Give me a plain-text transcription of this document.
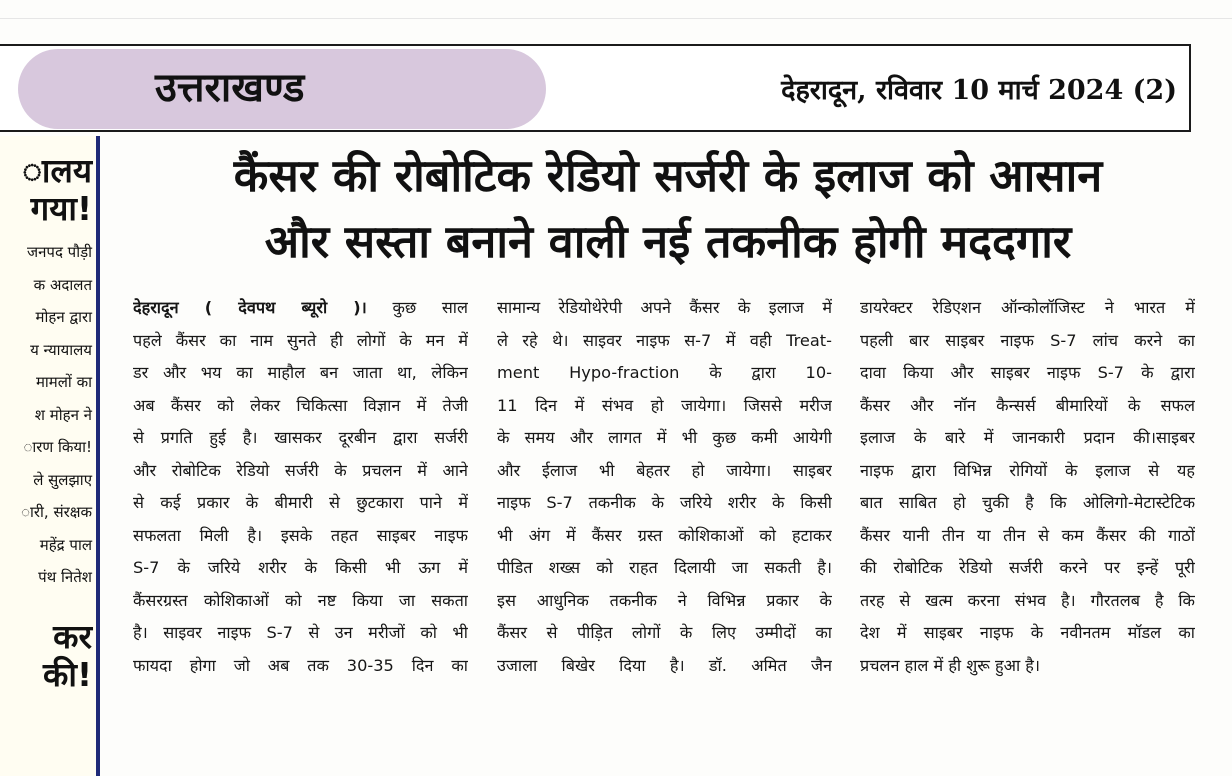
उत्तराखण्ड	देहरादून, रविवार 10 मार्च 2024 (2)
ालय
गया!
जनपद पौड़ी
क अदालत
मोहन द्वारा
य न्यायालय
मामलों का
श मोहन ने
ारण किया!
ले सुलझाए
ारी, संरक्षक
महेंद्र पाल
पंथ नितेश
कर
की!
कैंसर की रोबोटिक रेडियो सर्जरी के इलाज को आसान
और सस्ता बनाने वाली नई तकनीक होगी मददगार
देहरादून ( देवपथ ब्यूरो )। कुछ साल
पहले कैंसर का नाम सुनते ही लोगों के मन में
डर और भय का माहौल बन जाता था, लेकिन
अब कैंसर को लेकर चिकित्सा विज्ञान में तेजी
से प्रगति हुई है। खासकर दूरबीन द्वारा सर्जरी
और रोबोटिक रेडियो सर्जरी के प्रचलन में आने
से कई प्रकार के बीमारी से छुटकारा पाने में
सफलता मिली है। इसके तहत साइबर नाइफ
S-7 के जरिये शरीर के किसी भी ऊग में
कैंसरग्रस्त कोशिकाओं को नष्ट किया जा सकता
है। साइवर नाइफ S-7 से उन मरीजों को भी
फायदा होगा जो अब तक 30-35 दिन का
सामान्य रेडियोथेरेपी अपने कैंसर के इलाज में
ले रहे थे। साइवर नाइफ स-7 में वही Treat-
ment Hypo-fraction के द्वारा 10-
11 दिन में संभव हो जायेगा। जिससे मरीज
के समय और लागत में भी कुछ कमी आयेगी
और ईलाज भी बेहतर हो जायेगा। साइबर
नाइफ S-7 तकनीक के जरिये शरीर के किसी
भी अंग में कैंसर ग्रस्त कोशिकाओं को हटाकर
पीडित शख्स को राहत दिलायी जा सकती है।
इस आधुनिक तकनीक ने विभिन्न प्रकार के
कैंसर से पीड़ित लोगों के लिए उम्मीदों का
उजाला बिखेर दिया है। डॉ. अमित जैन
डायरेक्टर रेडिएशन ऑन्कोलॉजिस्ट ने भारत में
पहली बार साइबर नाइफ S-7 लांच करने का
दावा किया और साइबर नाइफ S-7 के द्वारा
कैंसर और नॉन कैन्सर्स बीमारियों के सफल
इलाज के बारे में जानकारी प्रदान की।साइबर
नाइफ द्वारा विभिन्न रोगियों के इलाज से यह
बात साबित हो चुकी है कि ओलिगो-मेटास्टेटिक
कैंसर यानी तीन या तीन से कम कैंसर की गाठों
की रोबोटिक रेडियो सर्जरी करने पर इन्हें पूरी
तरह से खत्म करना संभव है। गौरतलब है कि
देश में साइबर नाइफ के नवीनतम मॉडल का
प्रचलन हाल में ही शुरू हुआ है।
